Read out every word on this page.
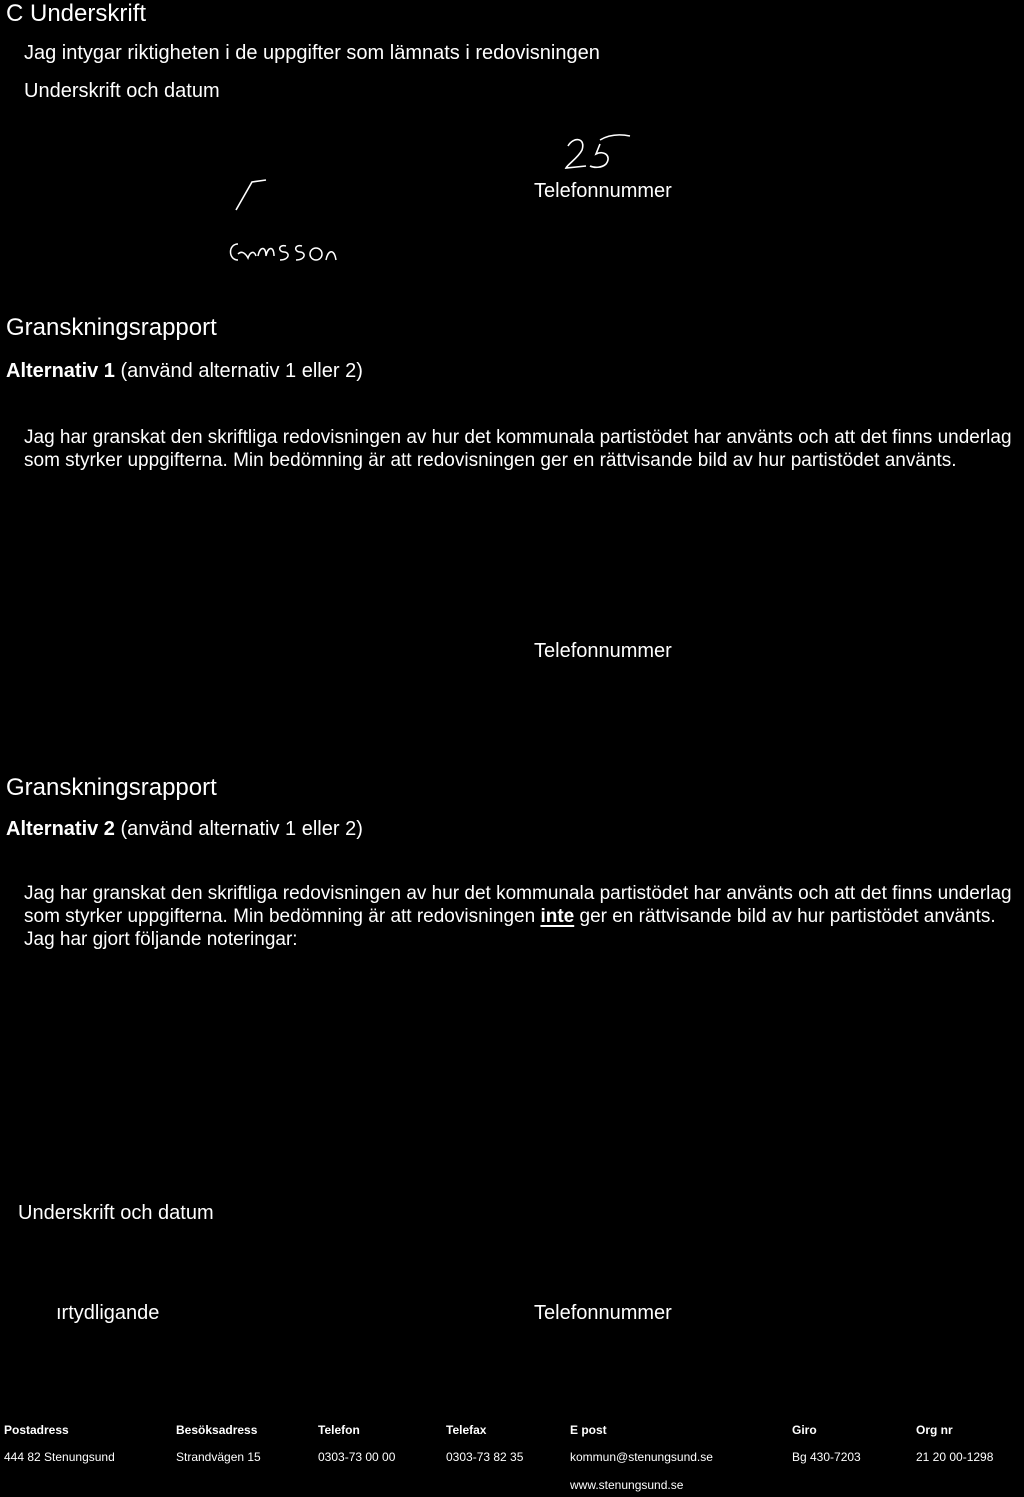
C Underskrift
Jag intygar riktigheten i de uppgifter som lämnats i redovisningen
Underskrift och datum
Telefonnummer
Granskningsrapport
Alternativ 1 (använd alternativ 1 eller 2)
Jag har granskat den skriftliga redovisningen av hur det kommunala partistödet har använts och att det finns underlag som styrker uppgifterna. Min bedömning är att redovisningen ger en rättvisande bild av hur partistödet använts.
Telefonnummer
Granskningsrapport
Alternativ 2 (använd alternativ 1 eller 2)
Jag har granskat den skriftliga redovisningen av hur det kommunala partistödet har använts och att det finns underlag som styrker uppgifterna. Min bedömning är att redovisningen inte ger en rättvisande bild av hur partistödet använts. Jag har gjort följande noteringar:
Underskrift och datum
ırtydligande	Telefonnummer
Postadress
444 82 Stenungsund
Besöksadress
Strandvägen 15
Telefon
0303-73 00 00
Telefax
0303-73 82 35
E post
kommun@stenungsund.se
www.stenungsund.se
Giro
Bg 430-7203
Org nr
21 20 00-1298
